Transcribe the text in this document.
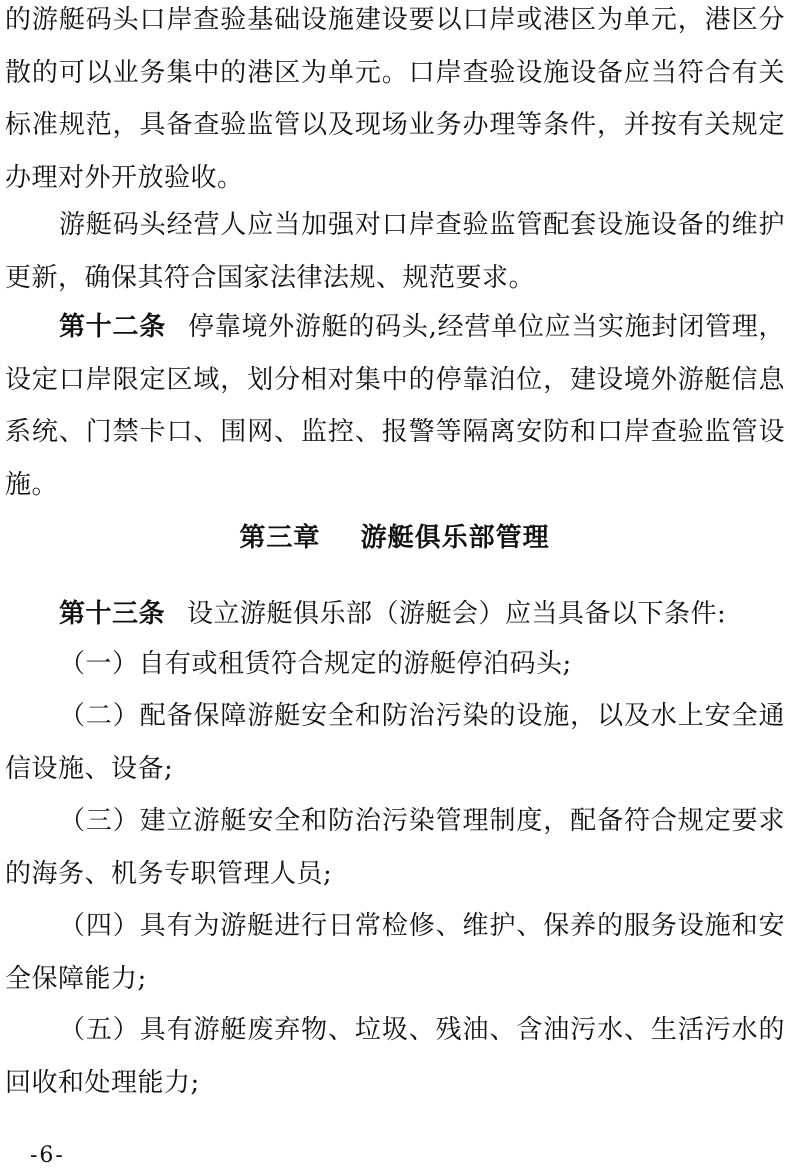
的游艇码头口岸查验基础设施建设要以口岸或港区为单元，港区分散的可以业务集中的港区为单元。口岸查验设施设备应当符合有关标准规范，具备查验监管以及现场业务办理等条件，并按有关规定办理对外开放验收。

游艇码头经营人应当加强对口岸查验监管配套设施设备的维护更新，确保其符合国家法律法规、规范要求。

第十二条 停靠境外游艇的码头,经营单位应当实施封闭管理，设定口岸限定区域，划分相对集中的停靠泊位，建设境外游艇信息系统、门禁卡口、围网、监控、报警等隔离安防和口岸查验监管设施。

第三章    游艇俱乐部管理

第十三条 设立游艇俱乐部（游艇会）应当具备以下条件:

（一）自有或租赁符合规定的游艇停泊码头;

（二）配备保障游艇安全和防治污染的设施，以及水上安全通信设施、设备;

（三）建立游艇安全和防治污染管理制度，配备符合规定要求的海务、机务专职管理人员;

（四）具有为游艇进行日常检修、维护、保养的服务设施和安全保障能力;

（五）具有游艇废弃物、垃圾、残油、含油污水、生活污水的回收和处理能力;

-6-
